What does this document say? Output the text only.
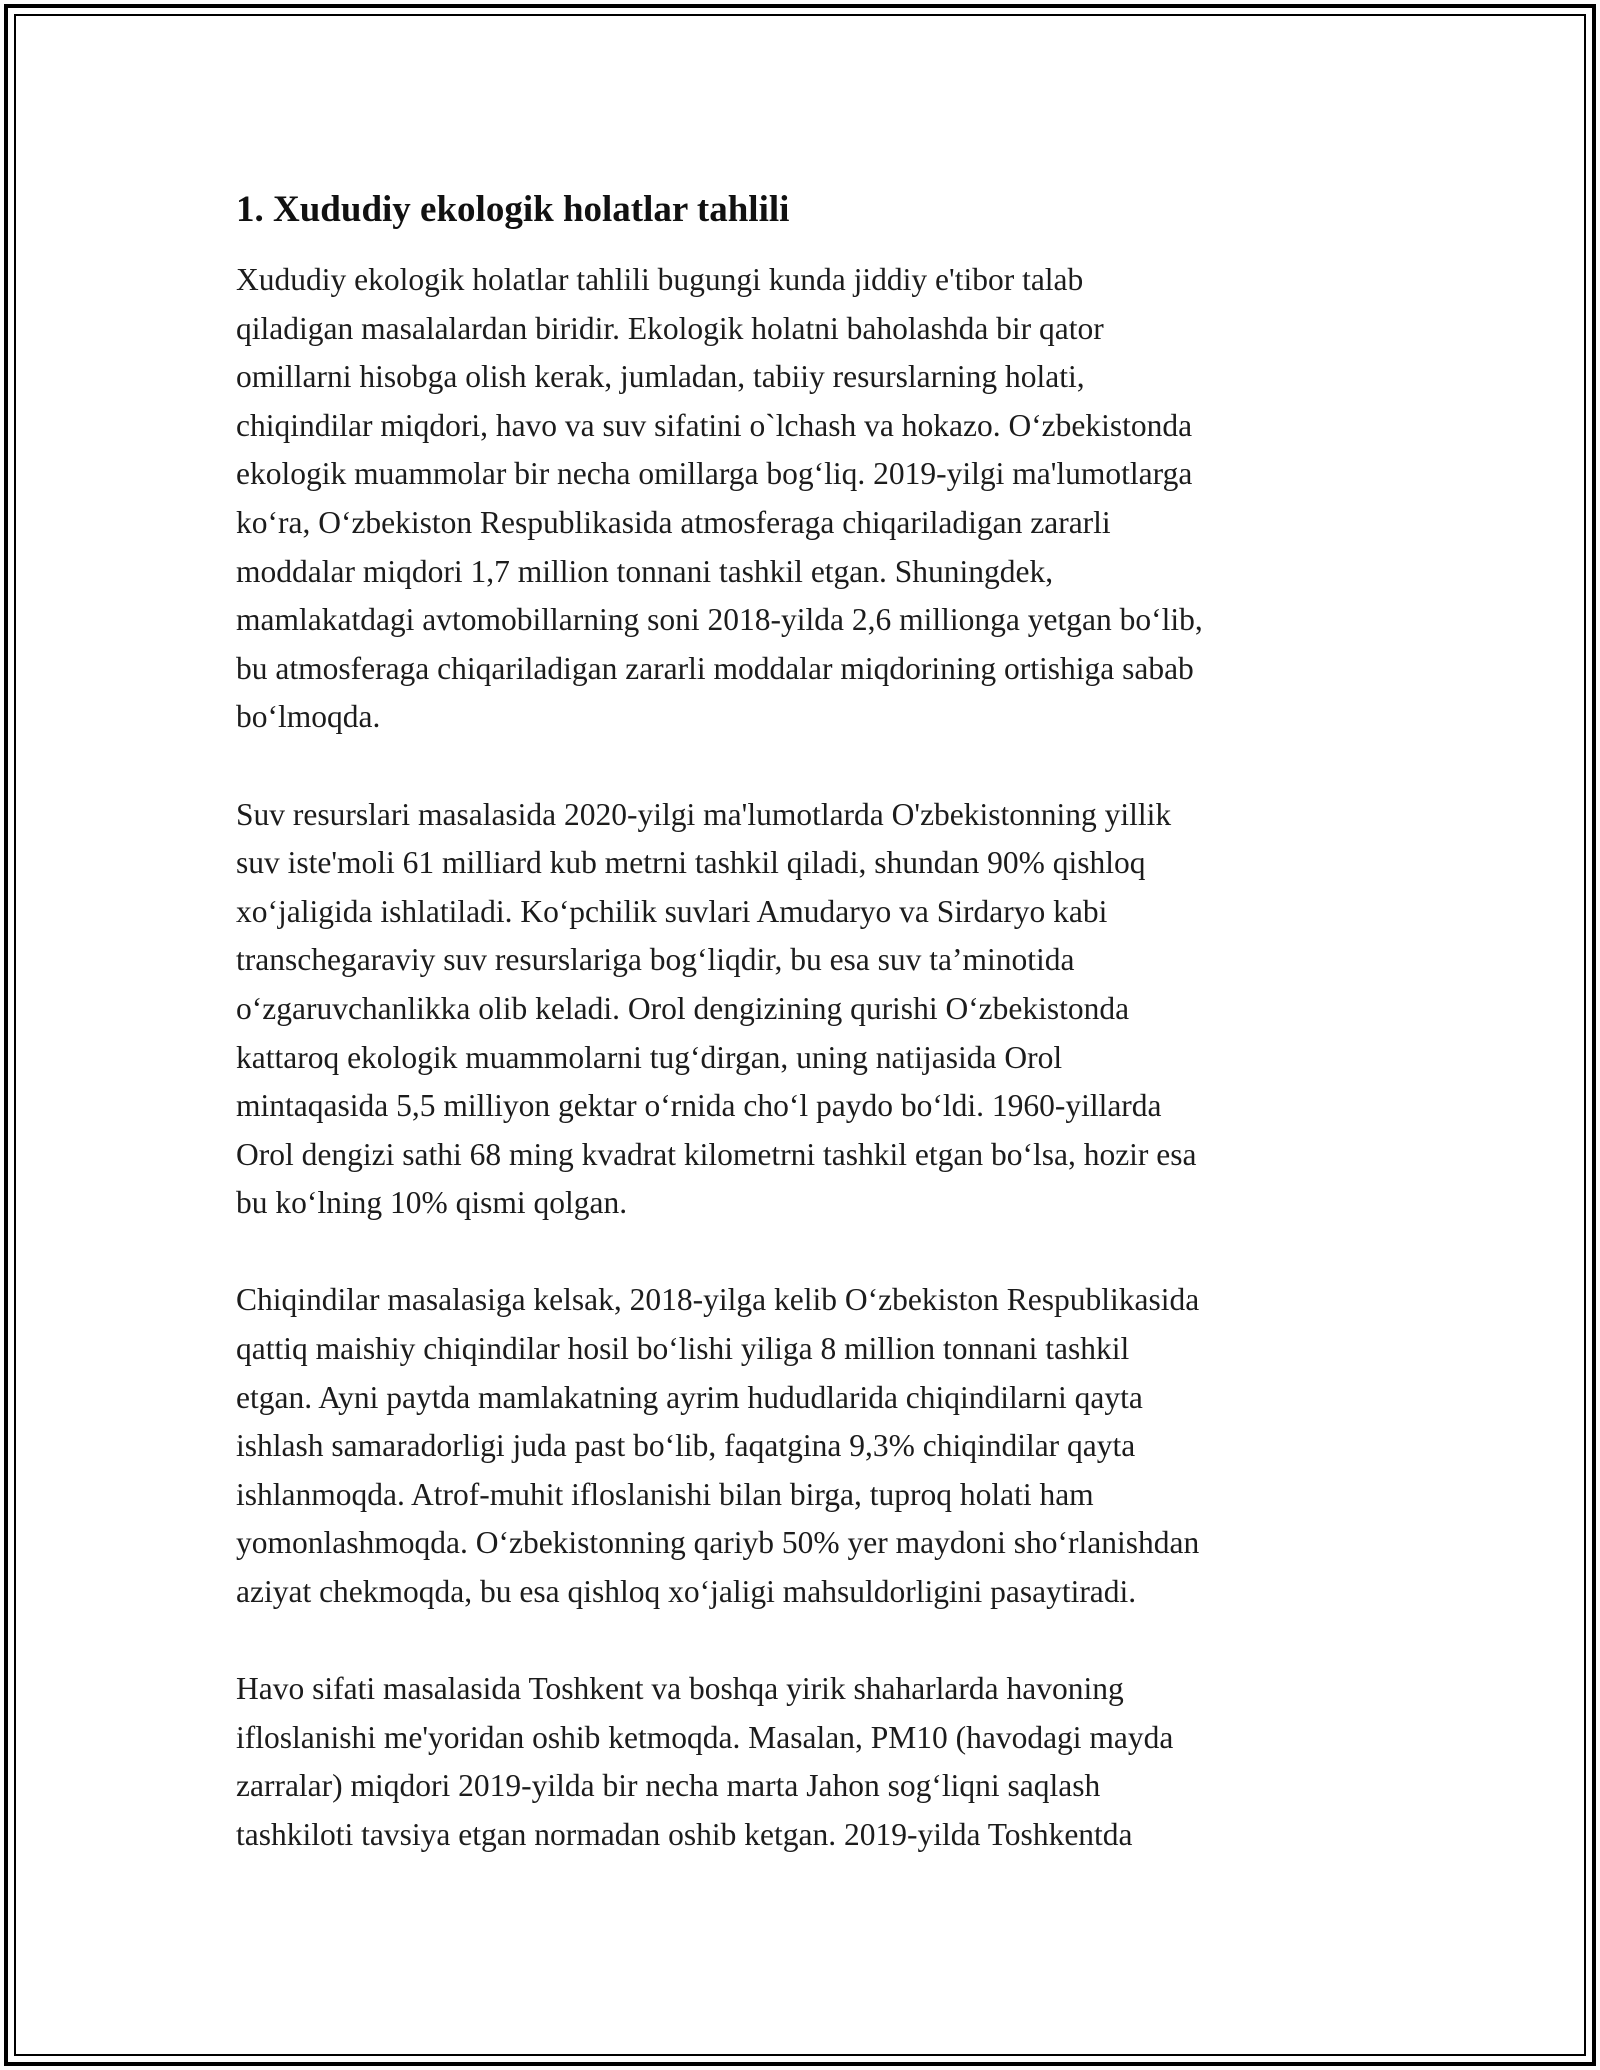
1. Xududiy ekologik holatlar tahlili
Xududiy ekologik holatlar tahlili bugungi kunda jiddiy e'tibor talab
qiladigan masalalardan biridir. Ekologik holatni baholashda bir qator
omillarni hisobga olish kerak, jumladan, tabiiy resurslarning holati,
chiqindilar miqdori, havo va suv sifatini o`lchash va hokazo. O‘zbekistonda
ekologik muammolar bir necha omillarga bog‘liq. 2019-yilgi ma'lumotlarga
ko‘ra, O‘zbekiston Respublikasida atmosferaga chiqariladigan zararli
moddalar miqdori 1,7 million tonnani tashkil etgan. Shuningdek,
mamlakatdagi avtomobillarning soni 2018-yilda 2,6 millionga yetgan bo‘lib,
bu atmosferaga chiqariladigan zararli moddalar miqdorining ortishiga sabab
bo‘lmoqda.
Suv resurslari masalasida 2020-yilgi ma'lumotlarda O'zbekistonning yillik
suv iste'moli 61 milliard kub metrni tashkil qiladi, shundan 90% qishloq
xo‘jaligida ishlatiladi. Ko‘pchilik suvlari Amudaryo va Sirdaryo kabi
transchegaraviy suv resurslariga bog‘liqdir, bu esa suv ta’minotida
o‘zgaruvchanlikka olib keladi. Orol dengizining qurishi O‘zbekistonda
kattaroq ekologik muammolarni tug‘dirgan, uning natijasida Orol
mintaqasida 5,5 milliyon gektar o‘rnida cho‘l paydo bo‘ldi. 1960-yillarda
Orol dengizi sathi 68 ming kvadrat kilometrni tashkil etgan bo‘lsa, hozir esa
bu ko‘lning 10% qismi qolgan.
Chiqindilar masalasiga kelsak, 2018-yilga kelib O‘zbekiston Respublikasida
qattiq maishiy chiqindilar hosil bo‘lishi yiliga 8 million tonnani tashkil
etgan. Ayni paytda mamlakatning ayrim hududlarida chiqindilarni qayta
ishlash samaradorligi juda past bo‘lib, faqatgina 9,3% chiqindilar qayta
ishlanmoqda. Atrof-muhit ifloslanishi bilan birga, tuproq holati ham
yomonlashmoqda. O‘zbekistonning qariyb 50% yer maydoni sho‘rlanishdan
aziyat chekmoqda, bu esa qishloq xo‘jaligi mahsuldorligini pasaytiradi.
Havo sifati masalasida Toshkent va boshqa yirik shaharlarda havoning
ifloslanishi me'yoridan oshib ketmoqda. Masalan, PM10 (havodagi mayda
zarralar) miqdori 2019-yilda bir necha marta Jahon sog‘liqni saqlash
tashkiloti tavsiya etgan normadan oshib ketgan. 2019-yilda Toshkentda
